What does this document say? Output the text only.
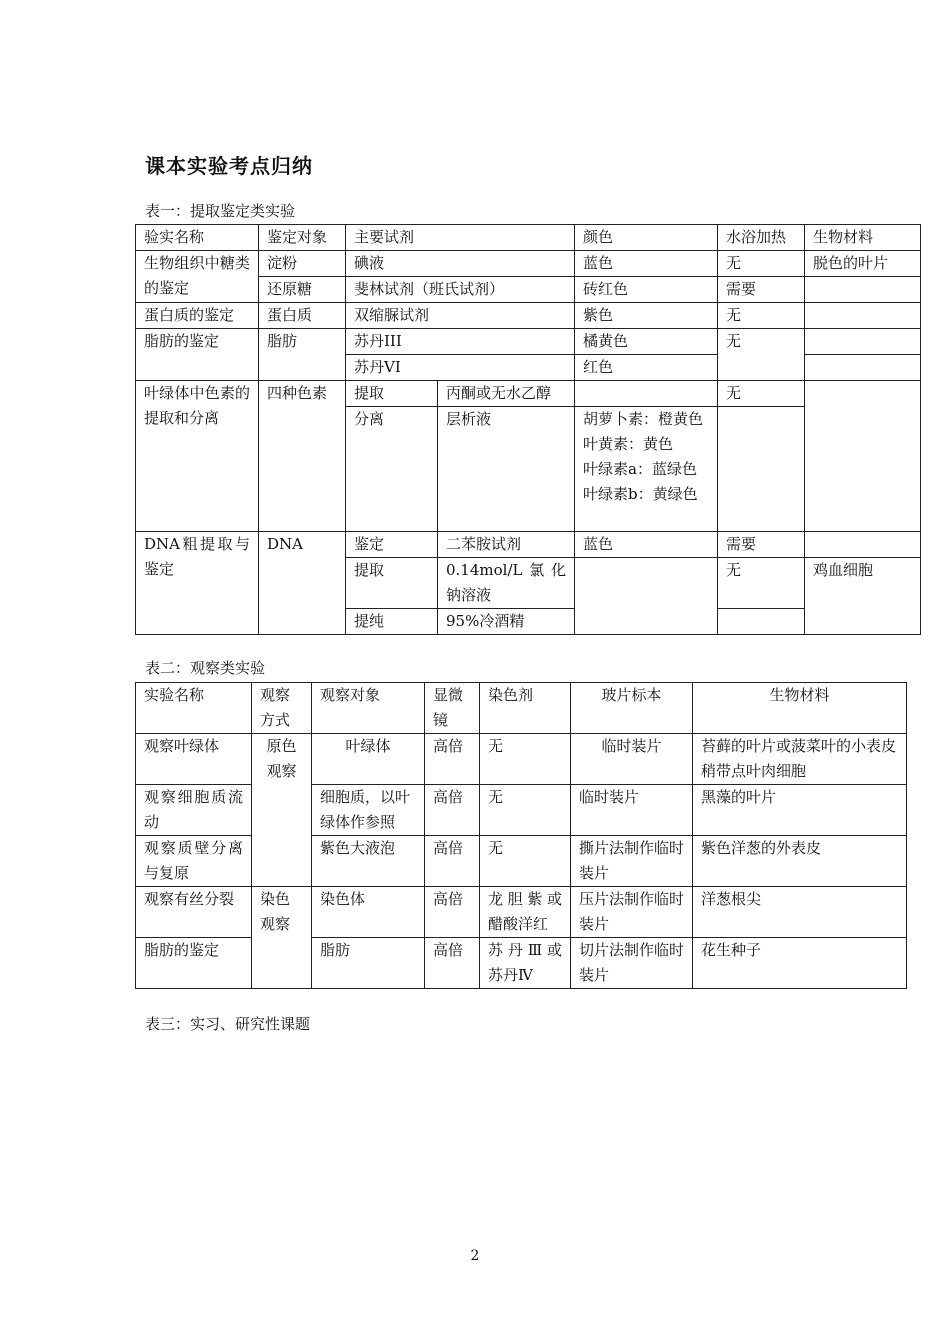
课本实验考点归纳
表一：提取鉴定类实验
验实名称	鉴定对象	主要试剂		颜色	水浴加热	生物材料
生物组织中糖类的鉴定	淀粉	碘液		蓝色	无	脱色的叶片
	还原糖	斐林试剂（班氏试剂）		砖红色	需要	
蛋白质的鉴定	蛋白质	双缩脲试剂		紫色	无	
脂肪的鉴定	脂肪	苏丹III		橘黄色	无	
		苏丹VI		红色		
叶绿体中色素的提取和分离	四种色素	提取	丙酮或无水乙醇		无	
		分离	层析液	胡萝卜素：橙黄色
叶黄素：黄色
叶绿素a：蓝绿色
叶绿素b：黄绿色		

DNA粗提取与鉴定	DNA	鉴定	二苯胺试剂	蓝色	需要	
		提取	0.14mol/L氯化钠溶液		无	鸡血细胞
		提纯	95%冷酒精			
表二：观察类实验
实验名称	观察方式	观察对象	显微镜	染色剂	玻片标本	生物材料
观察叶绿体	原色观察	叶绿体	高倍	无	临时装片	苔藓的叶片或菠菜叶的小表皮稍带点叶肉细胞
观察细胞质流动		细胞质，以叶绿体作参照	高倍	无	临时装片	黑藻的叶片
观察质壁分离与复原		紫色大液泡	高倍	无	撕片法制作临时装片	紫色洋葱的外表皮
观察有丝分裂	染色观察	染色体	高倍	龙胆紫或醋酸洋红	压片法制作临时装片	洋葱根尖
脂肪的鉴定		脂肪	高倍	苏丹Ⅲ或苏丹Ⅳ	切片法制作临时装片	花生种子
表三：实习、研究性课题
2
